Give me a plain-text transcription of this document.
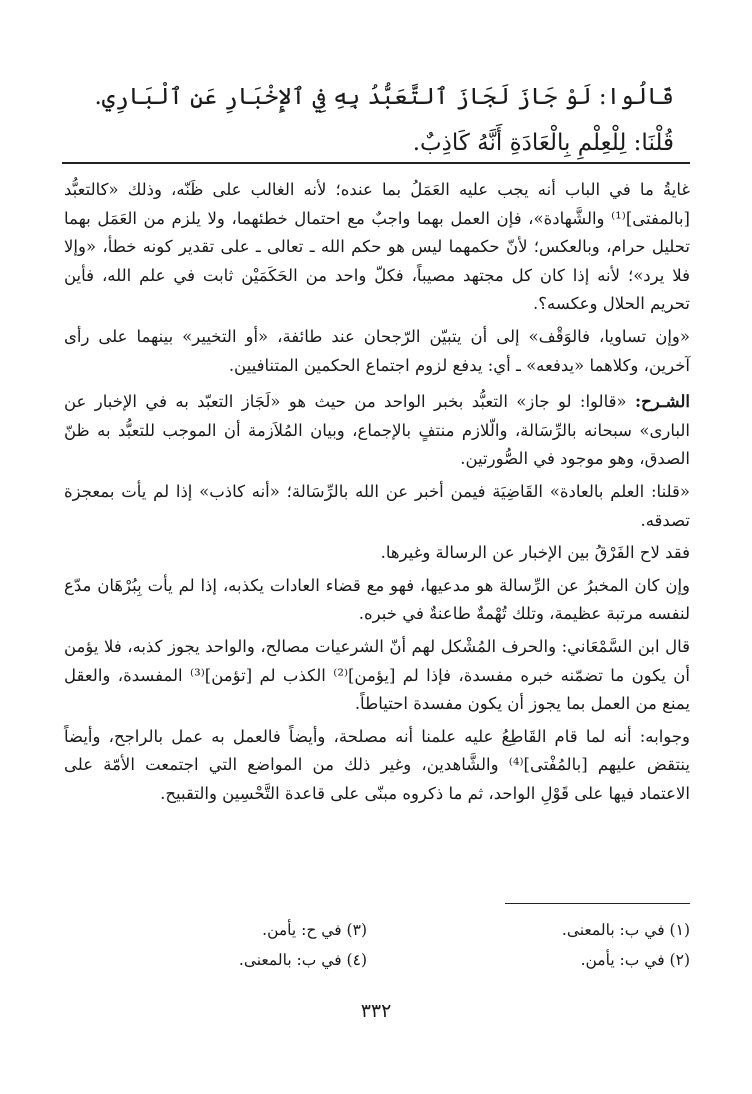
قَالُوا: لَوْ جَازَ لَجَازَ ٱلتَّعَبُّدُ بِهِ فِي ٱلإِخْبَارِ عَنِ ٱلْبَارِي.

قُلْنَا: لِلْعِلْمِ بِالْعَادَةِ أَنَّهُ كَاذِبٌ.

غايةُ ما في الباب أنه يجب عليه العَمَلُ بما عنده؛ لأنه الغالب على ظَنّه، وذلك «كالتعبُّد [بالمفتى]⁽¹⁾ والشَّهادة»، فإن العمل بهما واجبٌ مع احتمال خطئهما، ولا يلزم من العَمَل بهما تحليل حرام، وبالعكس؛ لأنّ حكمهما ليس هو حكم الله ـ تعالى ـ على تقدير كونه خطأ، «وإلا فلا يرد»؛ لأنه إذا كان كل مجتهد مصيباً، فكلّ واحد من الحَكَمَيْن ثابت في علم الله، فأين تحريم الحلال وعكسه؟.

«وإن تساويا، فالوَقْف» إلى أن يتبيّن الرّجحان عند طائفة، «أو التخيير» بينهما على رأى آخرين، وكلاهما «يدفعه» ـ أي: يدفع لزوم اجتماع الحكمين المتنافيين.

الشـرح: «قالوا: لو جاز» التعبُّد بخبر الواحد من حيث هو «لَجَاز التعبّد به في الإخبار عن البارى» سبحانه بالرِّسَالة، والّلازم منتفٍ بالإجماع، وبيان المُلاَزمة أن الموجب للتعبُّد به ظنّ الصدق، وهو موجود في الصُّورتين.

«قلنا: العلم بالعادة» القَاضِيَة فيمن أخبر عن الله بالرِّسَالة؛ «أنه كاذب» إذا لم يأت بمعجزة تصدقه.

فقد لاح الفَرْقُ بين الإخبار عن الرسالة وغيرها.

وإن كان المخبرُ عن الرِّسالة هو مدعيها، فهو مع قضاء العادات يكذبه، إذا لم يأت بِبُرْهَان مدّع لنفسه مرتبة عظيمة، وتلك تُهْمةٌ طاعنةٌ في خبره.

قال ابن السَّمْعَاني: والحرف المُشْكل لهم أنّ الشرعيات مصالح، والواحد يجوز كذبه، فلا يؤمن أن يكون ما تضمّنه خبره مفسدة، فإذا لم [يؤمن]⁽²⁾ الكذب لم [تؤمن]⁽³⁾ المفسدة، والعقل يمنع من العمل بما يجوز أن يكون مفسدة احتياطاً.

وجوابه: أنه لما قام القَاطِعُ عليه علمنا أنه مصلحة، وأيضاً فالعمل به عمل بالراجح، وأيضاً ينتقض عليهم [بالمُفْتى]⁽⁴⁾ والشَّاهدين، وغير ذلك من المواضع التي اجتمعت الأمّة على الاعتماد فيها على قَوْلِ الواحد، ثم ما ذكروه مبنّى على قاعدة التَّحْسِين والتقبيح.

(١) في ب: بالمعنى.
(٣) في ح: يأمن.
(٢) في ب: يأمن.
(٤) في ب: بالمعنى.
٣٣٢
